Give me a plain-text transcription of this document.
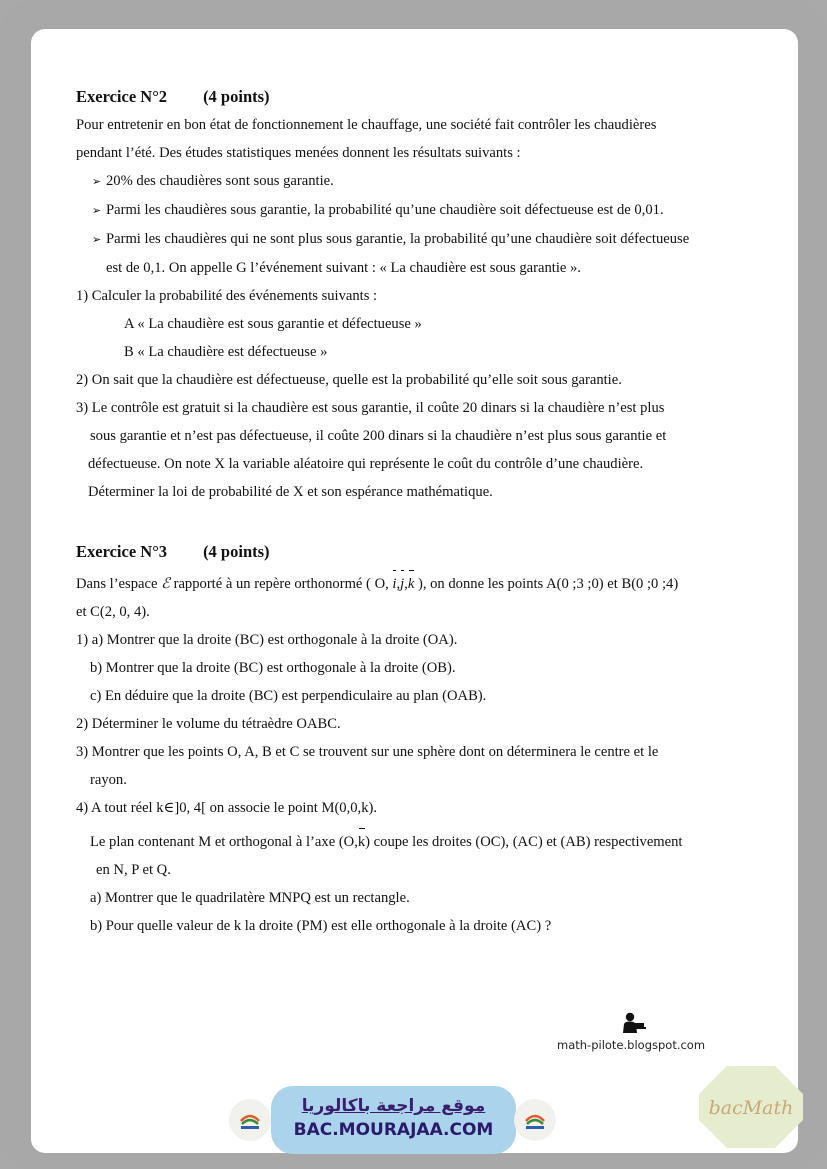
Exercice N°2 (4 points)

Pour entretenir en bon état de fonctionnement le chauffage, une société fait contrôler les chaudières

pendant l’été. Des études statistiques menées donnent les résultats suivants :

➢ 20% des chaudières sont sous garantie.

➢ Parmi les chaudières sous garantie, la probabilité qu’une chaudière soit défectueuse est de 0,01.

➢ Parmi les chaudières qui ne sont plus sous garantie, la probabilité qu’une chaudière soit défectueuse

est de 0,1. On appelle G l’événement suivant : « La chaudière est sous garantie ».

1) Calculer la probabilité des événements suivants :

A « La chaudière est sous garantie et défectueuse »

B « La chaudière est défectueuse »

2) On sait que la chaudière est défectueuse, quelle est la probabilité qu’elle soit sous garantie.

3) Le contrôle est gratuit si la chaudière est sous garantie, il coûte 20 dinars si la chaudière n’est plus

sous garantie et n’est pas défectueuse, il coûte 200 dinars si la chaudière n’est plus sous garantie et

défectueuse. On note X la variable aléatoire qui représente le coût du contrôle d’une chaudière.

Déterminer la loi de probabilité de X et son espérance mathématique.

Exercice N°3 (4 points)

Dans l’espace ℰ rapporté à un repère orthonormé ( O, i,j,k ), on donne les points A(0 ;3 ;0) et B(0 ;0 ;4)

et C(2, 0, 4).

1) a) Montrer que la droite (BC) est orthogonale à la droite (OA).

b) Montrer que la droite (BC) est orthogonale à la droite (OB).

c) En déduire que la droite (BC) est perpendiculaire au plan (OAB).

2) Déterminer le volume du tétraèdre OABC.

3) Montrer que les points O, A, B et C se trouvent sur une sphère dont on déterminera le centre et le

rayon.

4) A tout réel k∈]0, 4[ on associe le point M(0,0,k).

Le plan contenant M et orthogonal à l’axe (O,k) coupe les droites (OC), (AC) et (AB) respectivement

en N, P et Q.

a) Montrer que le quadrilatère MNPQ est un rectangle.

b) Pour quelle valeur de k la droite (PM) est elle orthogonale à la droite (AC) ?

math-pilote.blogspot.com
موقع مراجعة باكالوريا
BAC.MOURAJAA.COM
bacMath
